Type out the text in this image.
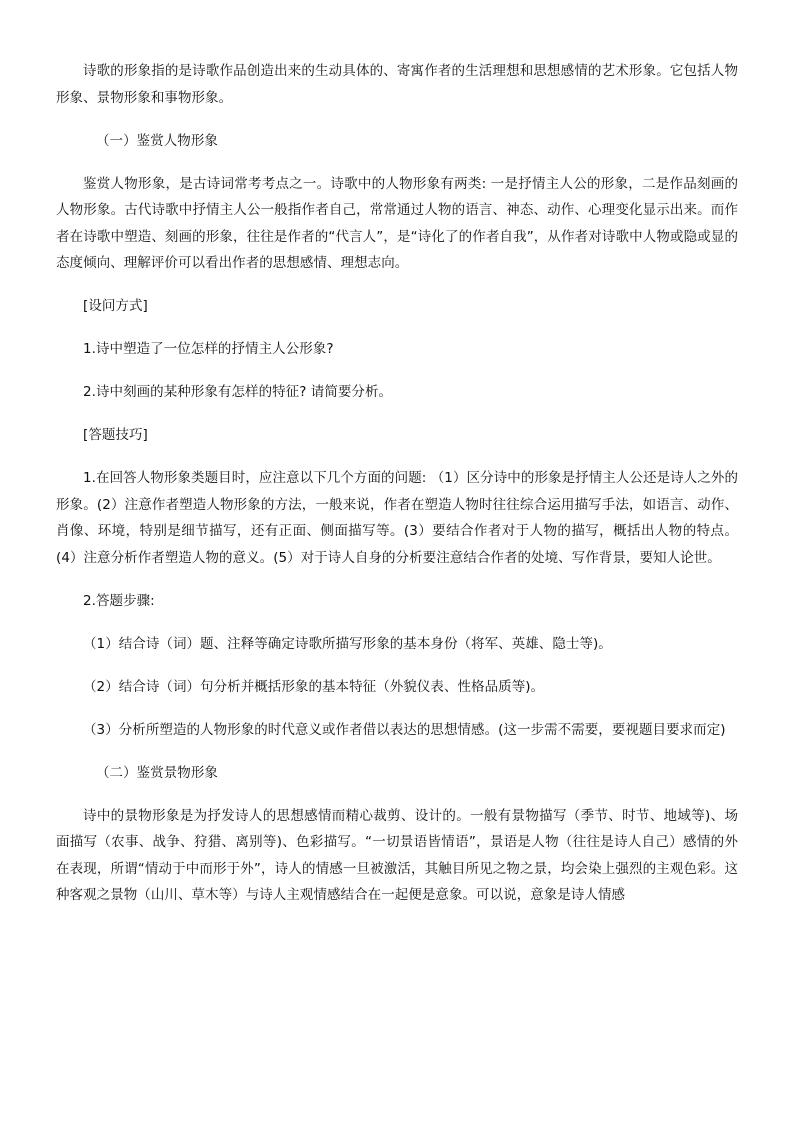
诗歌的形象指的是诗歌作品创造出来的生动具体的、寄寓作者的生活理想和思想感情的艺术形象。它包括人物形象、景物形象和事物形象。

（一）鉴赏人物形象

鉴赏人物形象，是古诗词常考考点之一。诗歌中的人物形象有两类: 一是抒情主人公的形象，二是作品刻画的人物形象。古代诗歌中抒情主人公一般指作者自己，常常通过人物的语言、神态、动作、心理变化显示出来。而作者在诗歌中塑造、刻画的形象，往往是作者的“代言人”，是“诗化了的作者自我”，从作者对诗歌中人物或隐或显的态度倾向、理解评价可以看出作者的思想感情、理想志向。

[设问方式]

1.诗中塑造了一位怎样的抒情主人公形象?

2.诗中刻画的某种形象有怎样的特征? 请简要分析。

[答题技巧]

1.在回答人物形象类题目时，应注意以下几个方面的问题: （1）区分诗中的形象是抒情主人公还是诗人之外的形象。(2）注意作者塑造人物形象的方法，一般来说，作者在塑造人物时往往综合运用描写手法，如语言、动作、肖像、环境，特别是细节描写，还有正面、侧面描写等。(3）要结合作者对于人物的描写，概括出人物的特点。(4）注意分析作者塑造人物的意义。(5）对于诗人自身的分析要注意结合作者的处境、写作背景，要知人论世。

2.答题步骤:

（1）结合诗（词）题、注释等确定诗歌所描写形象的基本身份（将军、英雄、隐士等)。

（2）结合诗（词）句分析并概括形象的基本特征（外貌仪表、性格品质等)。

（3）分析所塑造的人物形象的时代意义或作者借以表达的思想情感。(这一步需不需要，要视题目要求而定)

（二）鉴赏景物形象

诗中的景物形象是为抒发诗人的思想感情而精心裁剪、设计的。一般有景物描写（季节、时节、地域等)、场面描写（农事、战争、狩猎、离别等)、色彩描写。“一切景语皆情语”，景语是人物（往往是诗人自己）感情的外在表现，所谓“情动于中而形于外”，诗人的情感一旦被激活，其触目所见之物之景，均会染上强烈的主观色彩。这种客观之景物（山川、草木等）与诗人主观情感结合在一起便是意象。可以说，意象是诗人情感
